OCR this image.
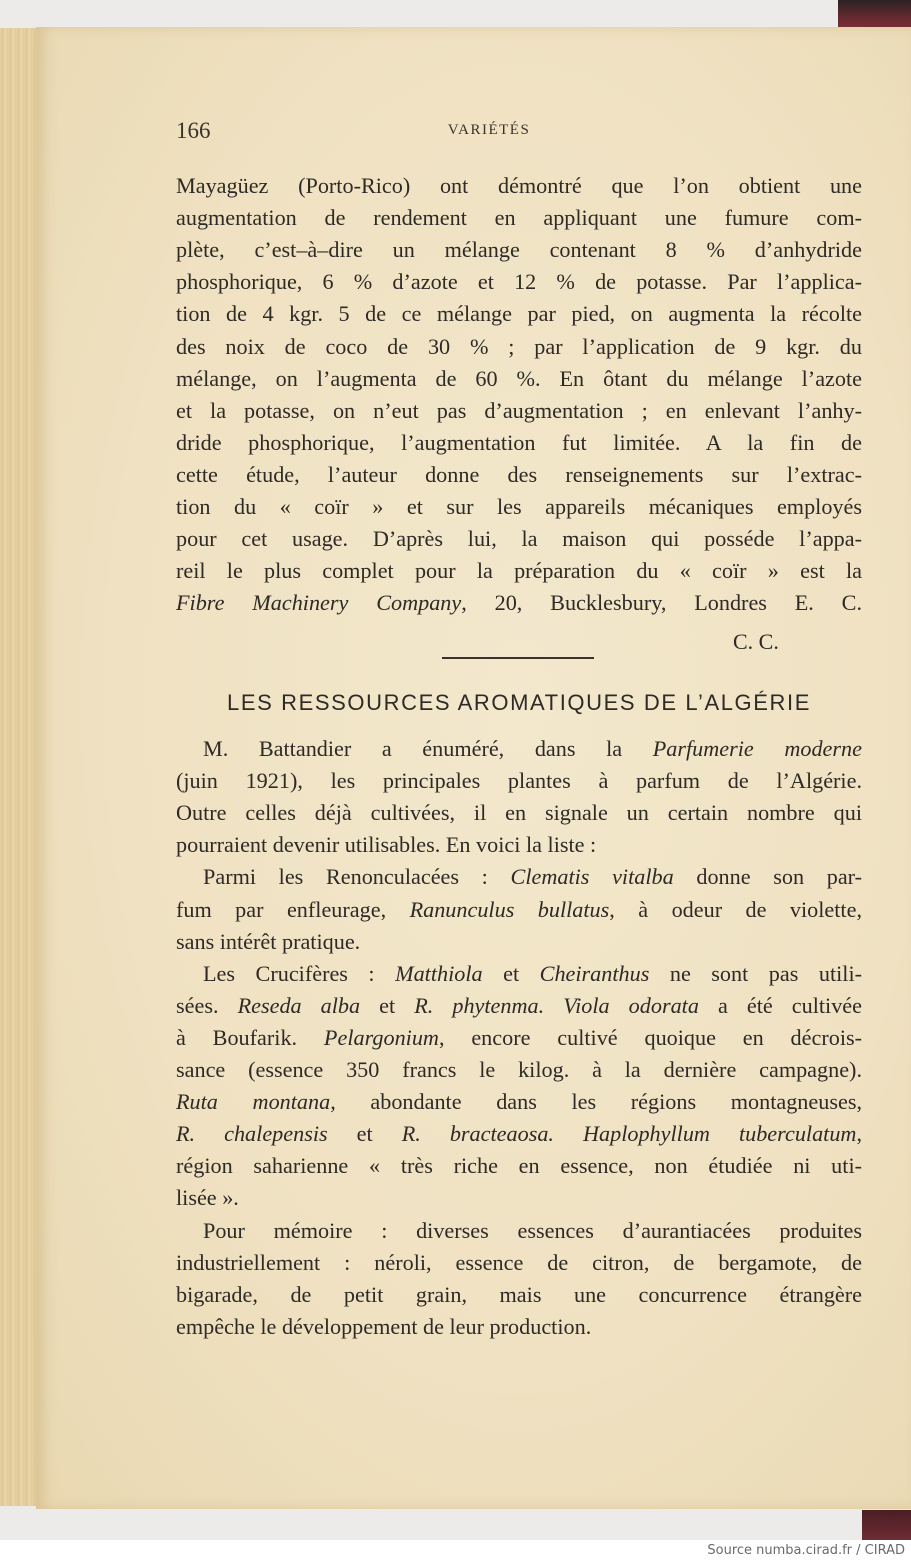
166	VARIÉTÉS
Mayagüez (Porto-Rico) ont démontré que l’on obtient une
augmentation de rendement en appliquant une fumure com-
plète, c’est–à–dire un mélange contenant 8 % d’anhydride
phosphorique, 6 % d’azote et 12 % de potasse. Par l’applica-
tion de 4 kgr. 5 de ce mélange par pied, on augmenta la récolte
des noix de coco de 30 % ; par l’application de 9 kgr. du
mélange, on l’augmenta de 60 %. En ôtant du mélange l’azote
et la potasse, on n’eut pas d’augmentation ; en enlevant l’anhy-
dride phosphorique, l’augmentation fut limitée. A la fin de
cette étude, l’auteur donne des renseignements sur l’extrac-
tion du « coïr » et sur les appareils mécaniques employés
pour cet usage. D’après lui, la maison qui posséde l’appa-
reil le plus complet pour la préparation du « coïr » est la
Fibre Machinery Company, 20, Bucklesbury, Londres E. C.
C. C.
LES RESSOURCES AROMATIQUES DE L’ALGÉRIE
M. Battandier a énuméré, dans la Parfumerie moderne
(juin 1921), les principales plantes à parfum de l’Algérie.
Outre celles déjà cultivées, il en signale un certain nombre qui
pourraient devenir utilisables. En voici la liste :
Parmi les Renonculacées : Clematis vitalba donne son par-
fum par enfleurage, Ranunculus bullatus, à odeur de violette,
sans intérêt pratique.
Les Crucifères : Matthiola et Cheiranthus ne sont pas utili-
sées. Reseda alba et R. phytenma. Viola odorata a été cultivée
à Boufarik. Pelargonium, encore cultivé quoique en décrois-
sance (essence 350 francs le kilog. à la dernière campagne).
Ruta montana, abondante dans les régions montagneuses,
R. chalepensis et R. bracteaosa. Haplophyllum tuberculatum,
région saharienne « très riche en essence, non étudiée ni uti-
lisée ».
Pour mémoire : diverses essences d’aurantiacées produites
industriellement : néroli, essence de citron, de bergamote, de
bigarade, de petit grain, mais une concurrence étrangère
empêche le développement de leur production.
Source numba.cirad.fr / CIRAD
